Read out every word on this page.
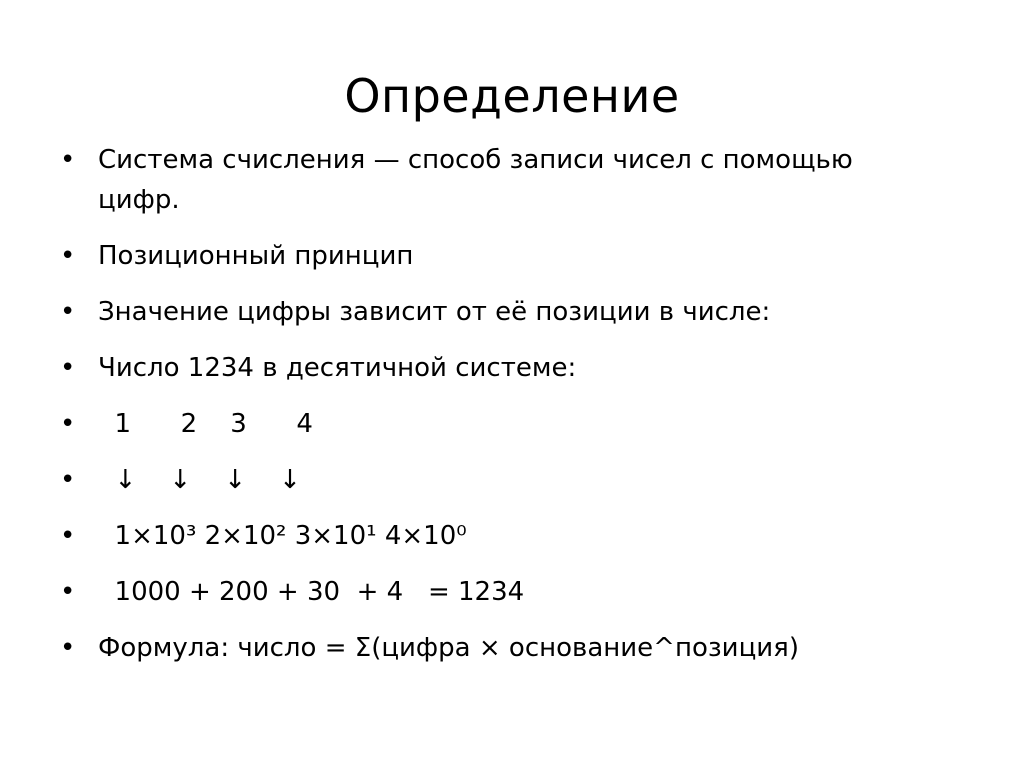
Определение
• Система счисления — способ записи чисел с помощью
цифр.
• Позиционный принцип
• Значение цифры зависит от её позиции в числе:
• Число 1234 в десятичной системе:
• 1      2    3      4
• ↓    ↓    ↓    ↓
• 1×10³ 2×10² 3×10¹ 4×10⁰
• 1000 + 200 + 30  + 4   = 1234
• Формула: число = Σ(цифра × основание^позиция)
